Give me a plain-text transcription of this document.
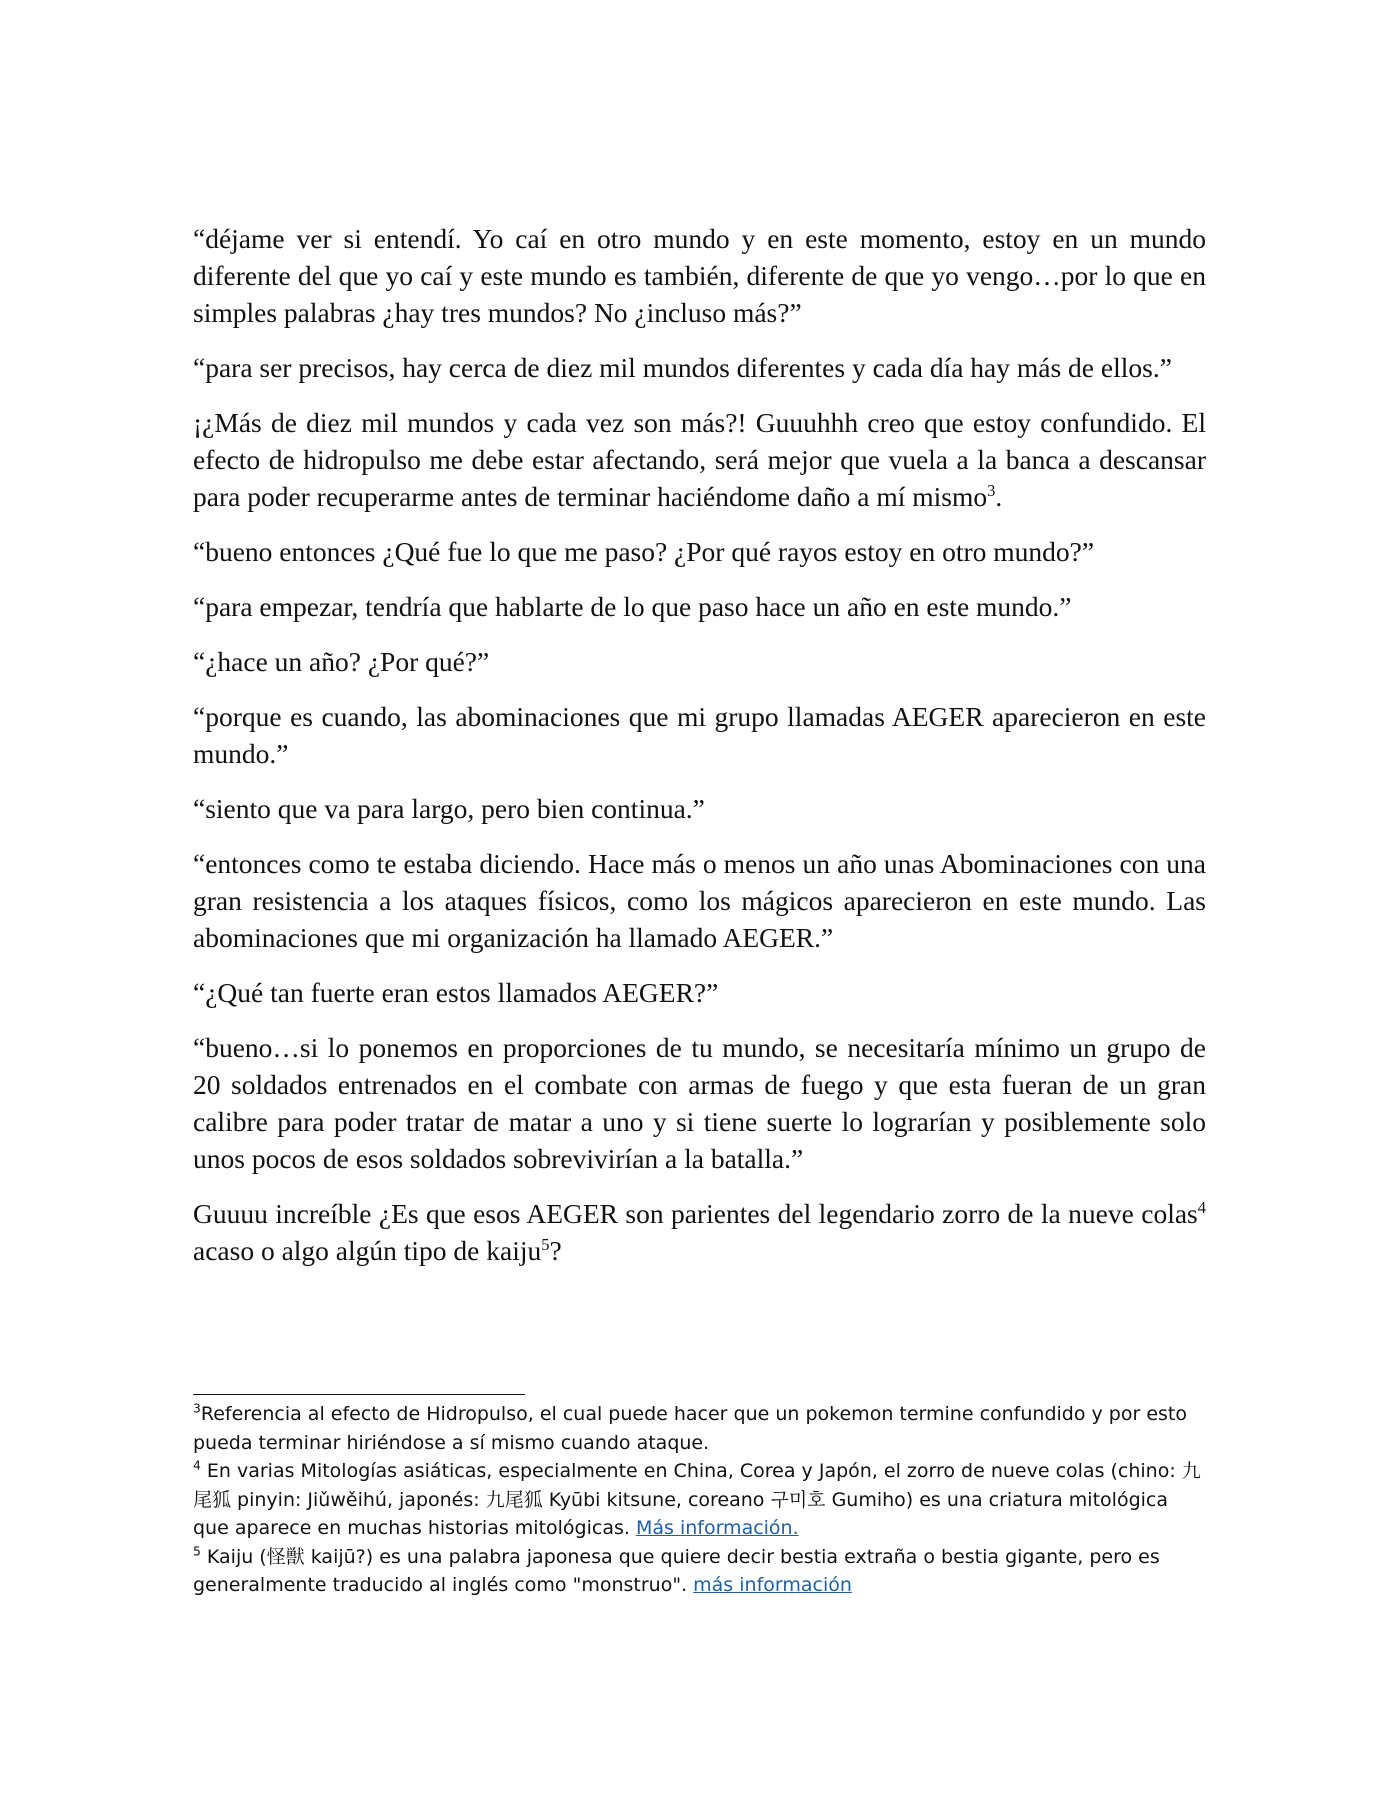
“déjame ver si entendí. Yo caí en otro mundo y en este momento, estoy en un mundo diferente del que yo caí y este mundo es también, diferente de que yo vengo…por lo que en simples palabras ¿hay tres mundos? No ¿incluso más?”

“para ser precisos, hay cerca de diez mil mundos diferentes y cada día hay más de ellos.”

¡¿Más de diez mil mundos y cada vez son más?! Guuuhhh creo que estoy confundido. El efecto de hidropulso me debe estar afectando, será mejor que vuela a la banca a descansar para poder recuperarme antes de terminar haciéndome daño a mí mismo$^3$.

“bueno entonces ¿Qué fue lo que me paso? ¿Por qué rayos estoy en otro mundo?”

“para empezar, tendría que hablarte de lo que paso hace un año en este mundo.”

“¿hace un año? ¿Por qué?”

“porque es cuando, las abominaciones que mi grupo llamadas AEGER aparecieron en este mundo.”

“siento que va para largo, pero bien continua.”

“entonces como te estaba diciendo. Hace más o menos un año unas Abominaciones con una gran resistencia a los ataques físicos, como los mágicos aparecieron en este mundo. Las abominaciones que mi organización ha llamado AEGER.”

“¿Qué tan fuerte eran estos llamados AEGER?”

“bueno…si lo ponemos en proporciones de tu mundo, se necesitaría mínimo un grupo de 20 soldados entrenados en el combate con armas de fuego y que esta fueran de un gran calibre para poder tratar de matar a uno y si tiene suerte lo lograrían y posiblemente solo unos pocos de esos soldados sobrevivirían a la batalla.”

Guuuu increíble ¿Es que esos AEGER son parientes del legendario zorro de la nueve colas$^4$ acaso o algo algún tipo de kaiju$^5$?

$^3$Referencia al efecto de Hidropulso, el cual puede hacer que un pokemon termine confundido y por esto pueda terminar hiriéndose a sí mismo cuando ataque.

$^4$ En varias Mitologías asiáticas, especialmente en China, Corea y Japón, el zorro de nueve colas (chino: 九尾狐 pinyin: Jiǔwěihú, japonés: 九尾狐 Kyūbi kitsune, coreano 구미호 Gumiho) es una criatura mitológica que aparece en muchas historias mitológicas. Más información.

$^5$ Kaiju (怪獣 kaijū?) es una palabra japonesa que quiere decir bestia extraña o bestia gigante, pero es generalmente traducido al inglés como "monstruo". más información
